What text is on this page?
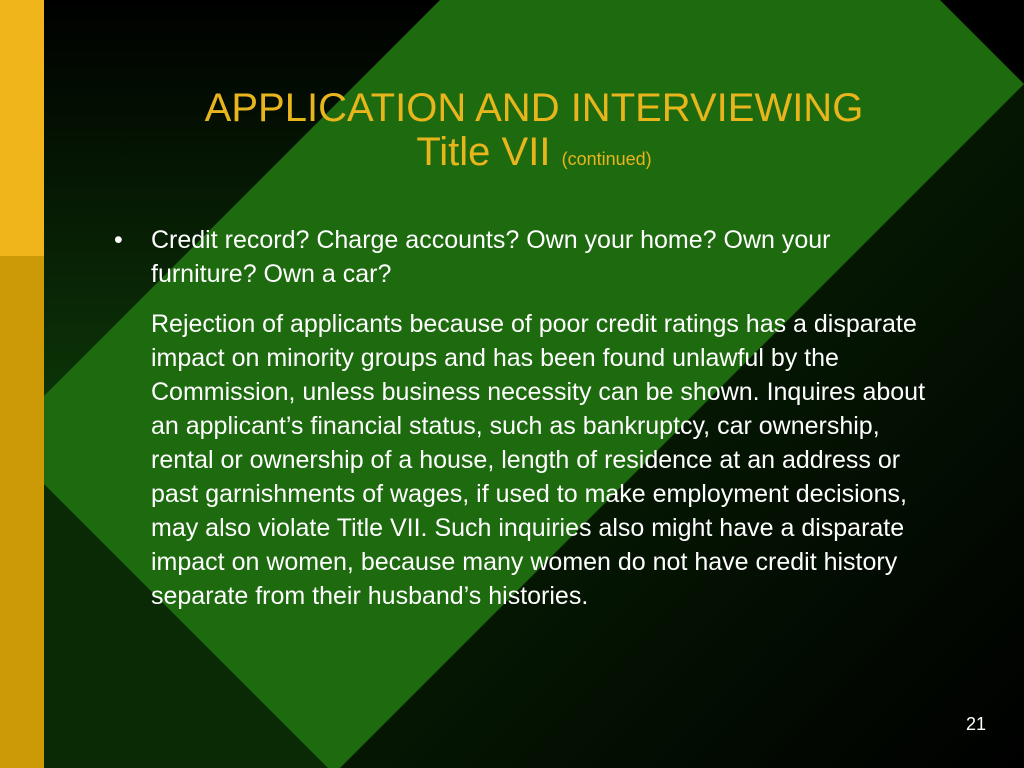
APPLICATION AND INTERVIEWING
Title VII (continued)
•	Credit record? Charge accounts? Own your home? Own your furniture? Own a car?
Rejection of applicants because of poor credit ratings has a disparate impact on minority groups and has been found unlawful by the Commission, unless business necessity can be shown. Inquires about an applicant’s financial status, such as bankruptcy, car ownership, rental or ownership of a house, length of residence at an address or past garnishments of wages, if used to make employment decisions, may also violate Title VII. Such inquiries also might have a disparate impact on women, because many women do not have credit history separate from their husband’s histories.
21
